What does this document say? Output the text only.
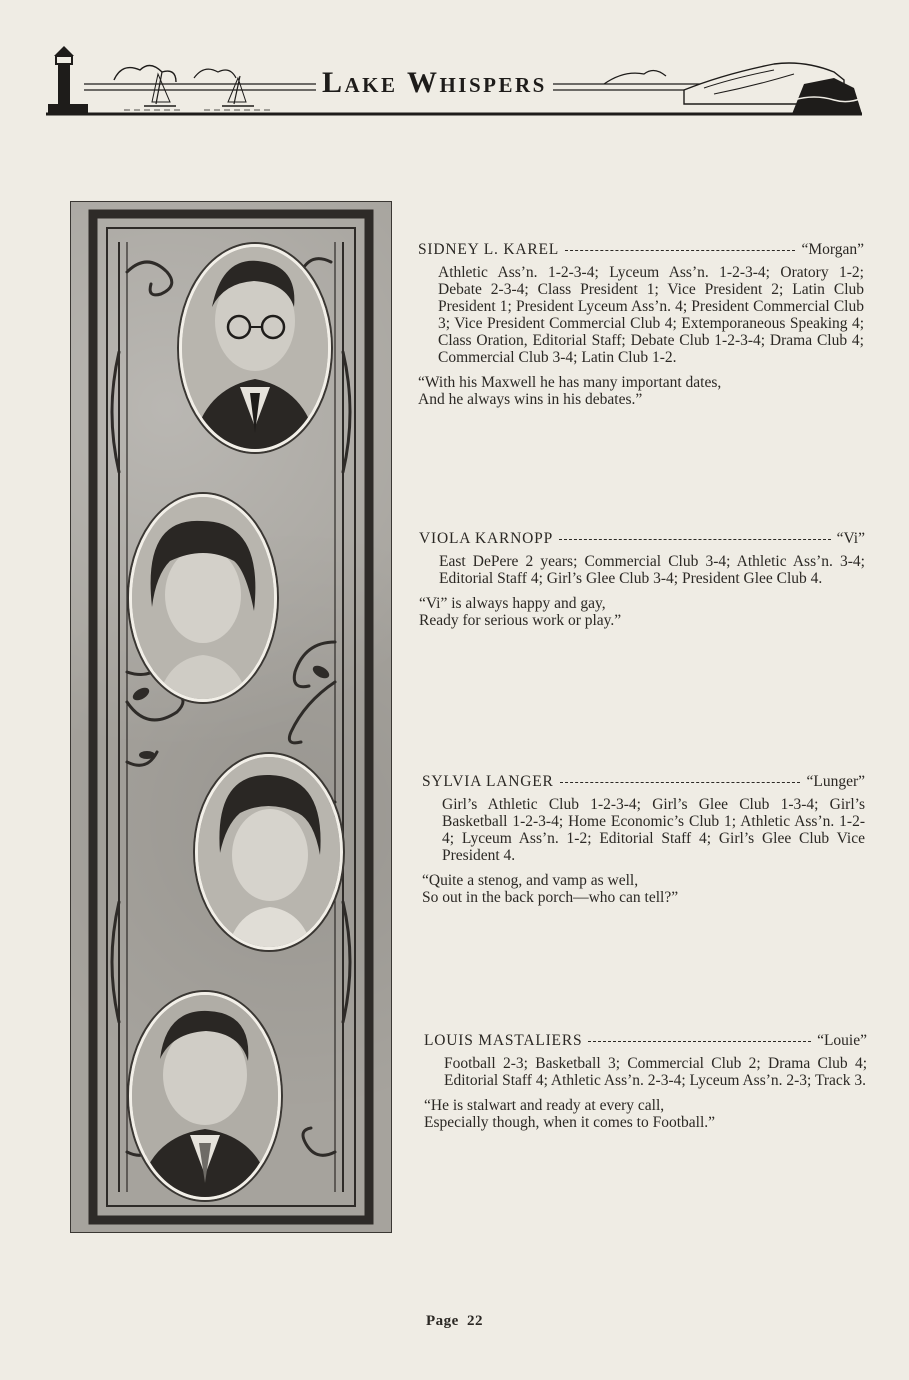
Lake Whispers
SIDNEY L. KAREL	“Morgan”
Athletic Ass’n. 1-2-3-4; Lyceum Ass’n. 1-2-3-4; Oratory 1-2; Debate 2-3-4; Class President 1; Vice President 2; Latin Club President 1; President Lyceum Ass’n. 4; President Commercial Club 3; Vice President Commercial Club 4; Extemporaneous Speaking 4; Class Oration, Editorial Staff; Debate Club 1-2-3-4; Drama Club 4; Commercial Club 3-4; Latin Club 1-2.
“With his Maxwell he has many important dates,
And he always wins in his debates.”
VIOLA KARNOPP	“Vi”
East DePere 2 years; Commercial Club 3-4; Athletic Ass’n. 3-4; Editorial Staff 4; Girl’s Glee Club 3-4; President Glee Club 4.
“Vi” is always happy and gay,
Ready for serious work or play.”
SYLVIA LANGER	“Lunger”
Girl’s Athletic Club 1-2-3-4; Girl’s Glee Club 1-3-4; Girl’s Basketball 1-2-3-4; Home Economic’s Club 1; Athletic Ass’n. 1-2-4; Lyceum Ass’n. 1-2; Editorial Staff 4; Girl’s Glee Club Vice President 4.
“Quite a stenog, and vamp as well,
So out in the back porch—who can tell?”
LOUIS MASTALIERS	“Louie”
Football 2-3; Basketball 3; Commercial Club 2; Drama Club 4; Editorial Staff 4; Athletic Ass’n. 2-3-4; Lyceum Ass’n. 2-3; Track 3.
“He is stalwart and ready at every call,
Especially though, when it comes to Football.”
Page 22
